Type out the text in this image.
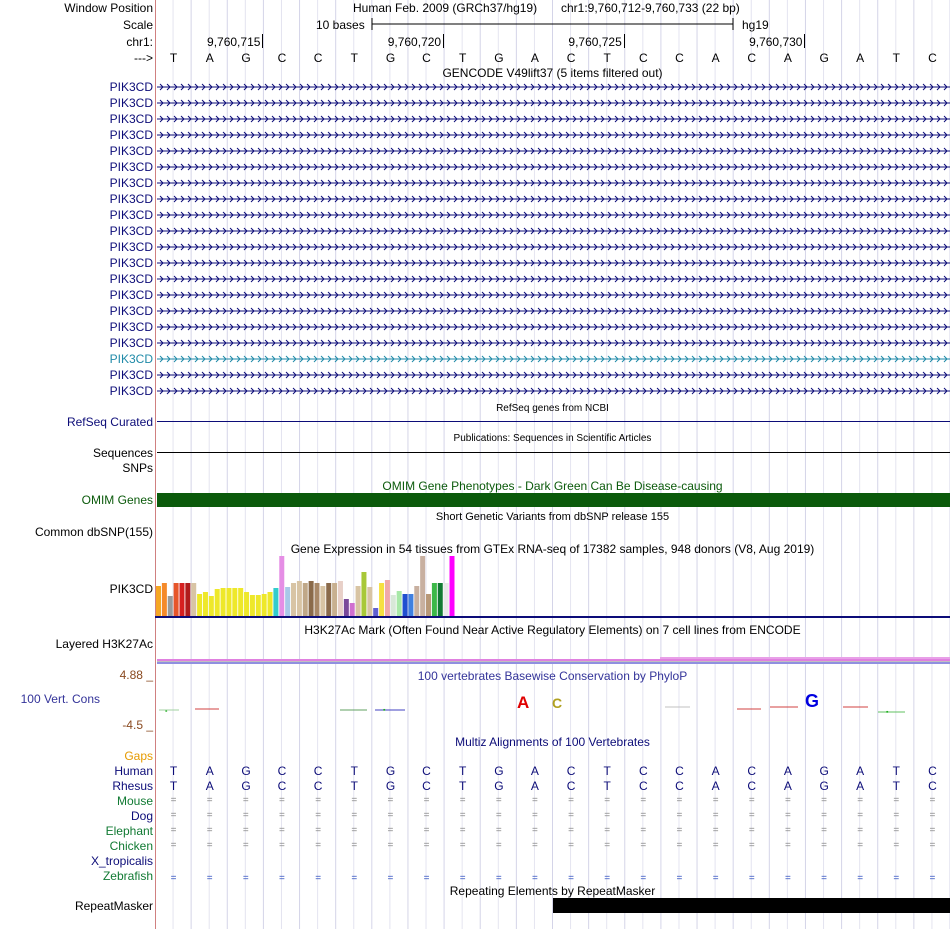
Window Position	Human Feb. 2009 (GRCh37/hg19) chr1:9,760,712-9,760,733 (22 bp)
Scale	10 bases	hg19
chr1:	9,760,715	9,760,720	9,760,725	9,760,730
---> T A G C C T G C T G A C T C C A C A G A T C
GENCODE V49lift37 (5 items filtered out)
PIK3CD
PIK3CD
PIK3CD
PIK3CD
PIK3CD
PIK3CD
PIK3CD
PIK3CD
PIK3CD
PIK3CD
PIK3CD
PIK3CD
PIK3CD
PIK3CD
PIK3CD
PIK3CD
PIK3CD
PIK3CD
PIK3CD
PIK3CD
RefSeq genes from NCBI
RefSeq Curated
Publications: Sequences in Scientific Articles
Sequences
SNPs
OMIM Gene Phenotypes - Dark Green Can Be Disease-causing
OMIM Genes
Short Genetic Variants from dbSNP release 155
Common dbSNP(155)
Gene Expression in 54 tissues from GTEx RNA-seq of 17382 samples, 948 donors (V8, Aug 2019)
PIK3CD
H3K27Ac Mark (Often Found Near Active Regulatory Elements) on 7 cell lines from ENCODE
Layered H3K27Ac
100 vertebrates Basewise Conservation by PhyloP
4.88 _
100 Vert. Cons
-4.5 _
▪	▪	A C	G
▪
Multiz Alignments of 100 Vertebrates
Gaps
Human T A G C C T G C T G A C T C C A C A G A T C
Rhesus T A G C C T G C T G A C T C C A C A G A T C
Mouse =	=	=	=	=	=	=	=	=	=	=	=	=	=	=	=	=	=	=	=	=	=
Dog =	=	=	=	=	=	=	=	=	=	=	=	=	=	=	=	=	=	=	=	=	=
Elephant =	=	=	=	=	=	=	=	=	=	=	=	=	=	=	=	=	=	=	=	=	=
Chicken =	=	=	=	=	=	=	=	=	=	=	=	=	=	=	=	=	=	=	=	=	=
X_tropicalis
Zebrafish =	=	=	=	=	=	=	=	=	=	=	=	=	=	=	=	=	=	=	=	=	=
Repeating Elements by RepeatMasker
RepeatMasker
